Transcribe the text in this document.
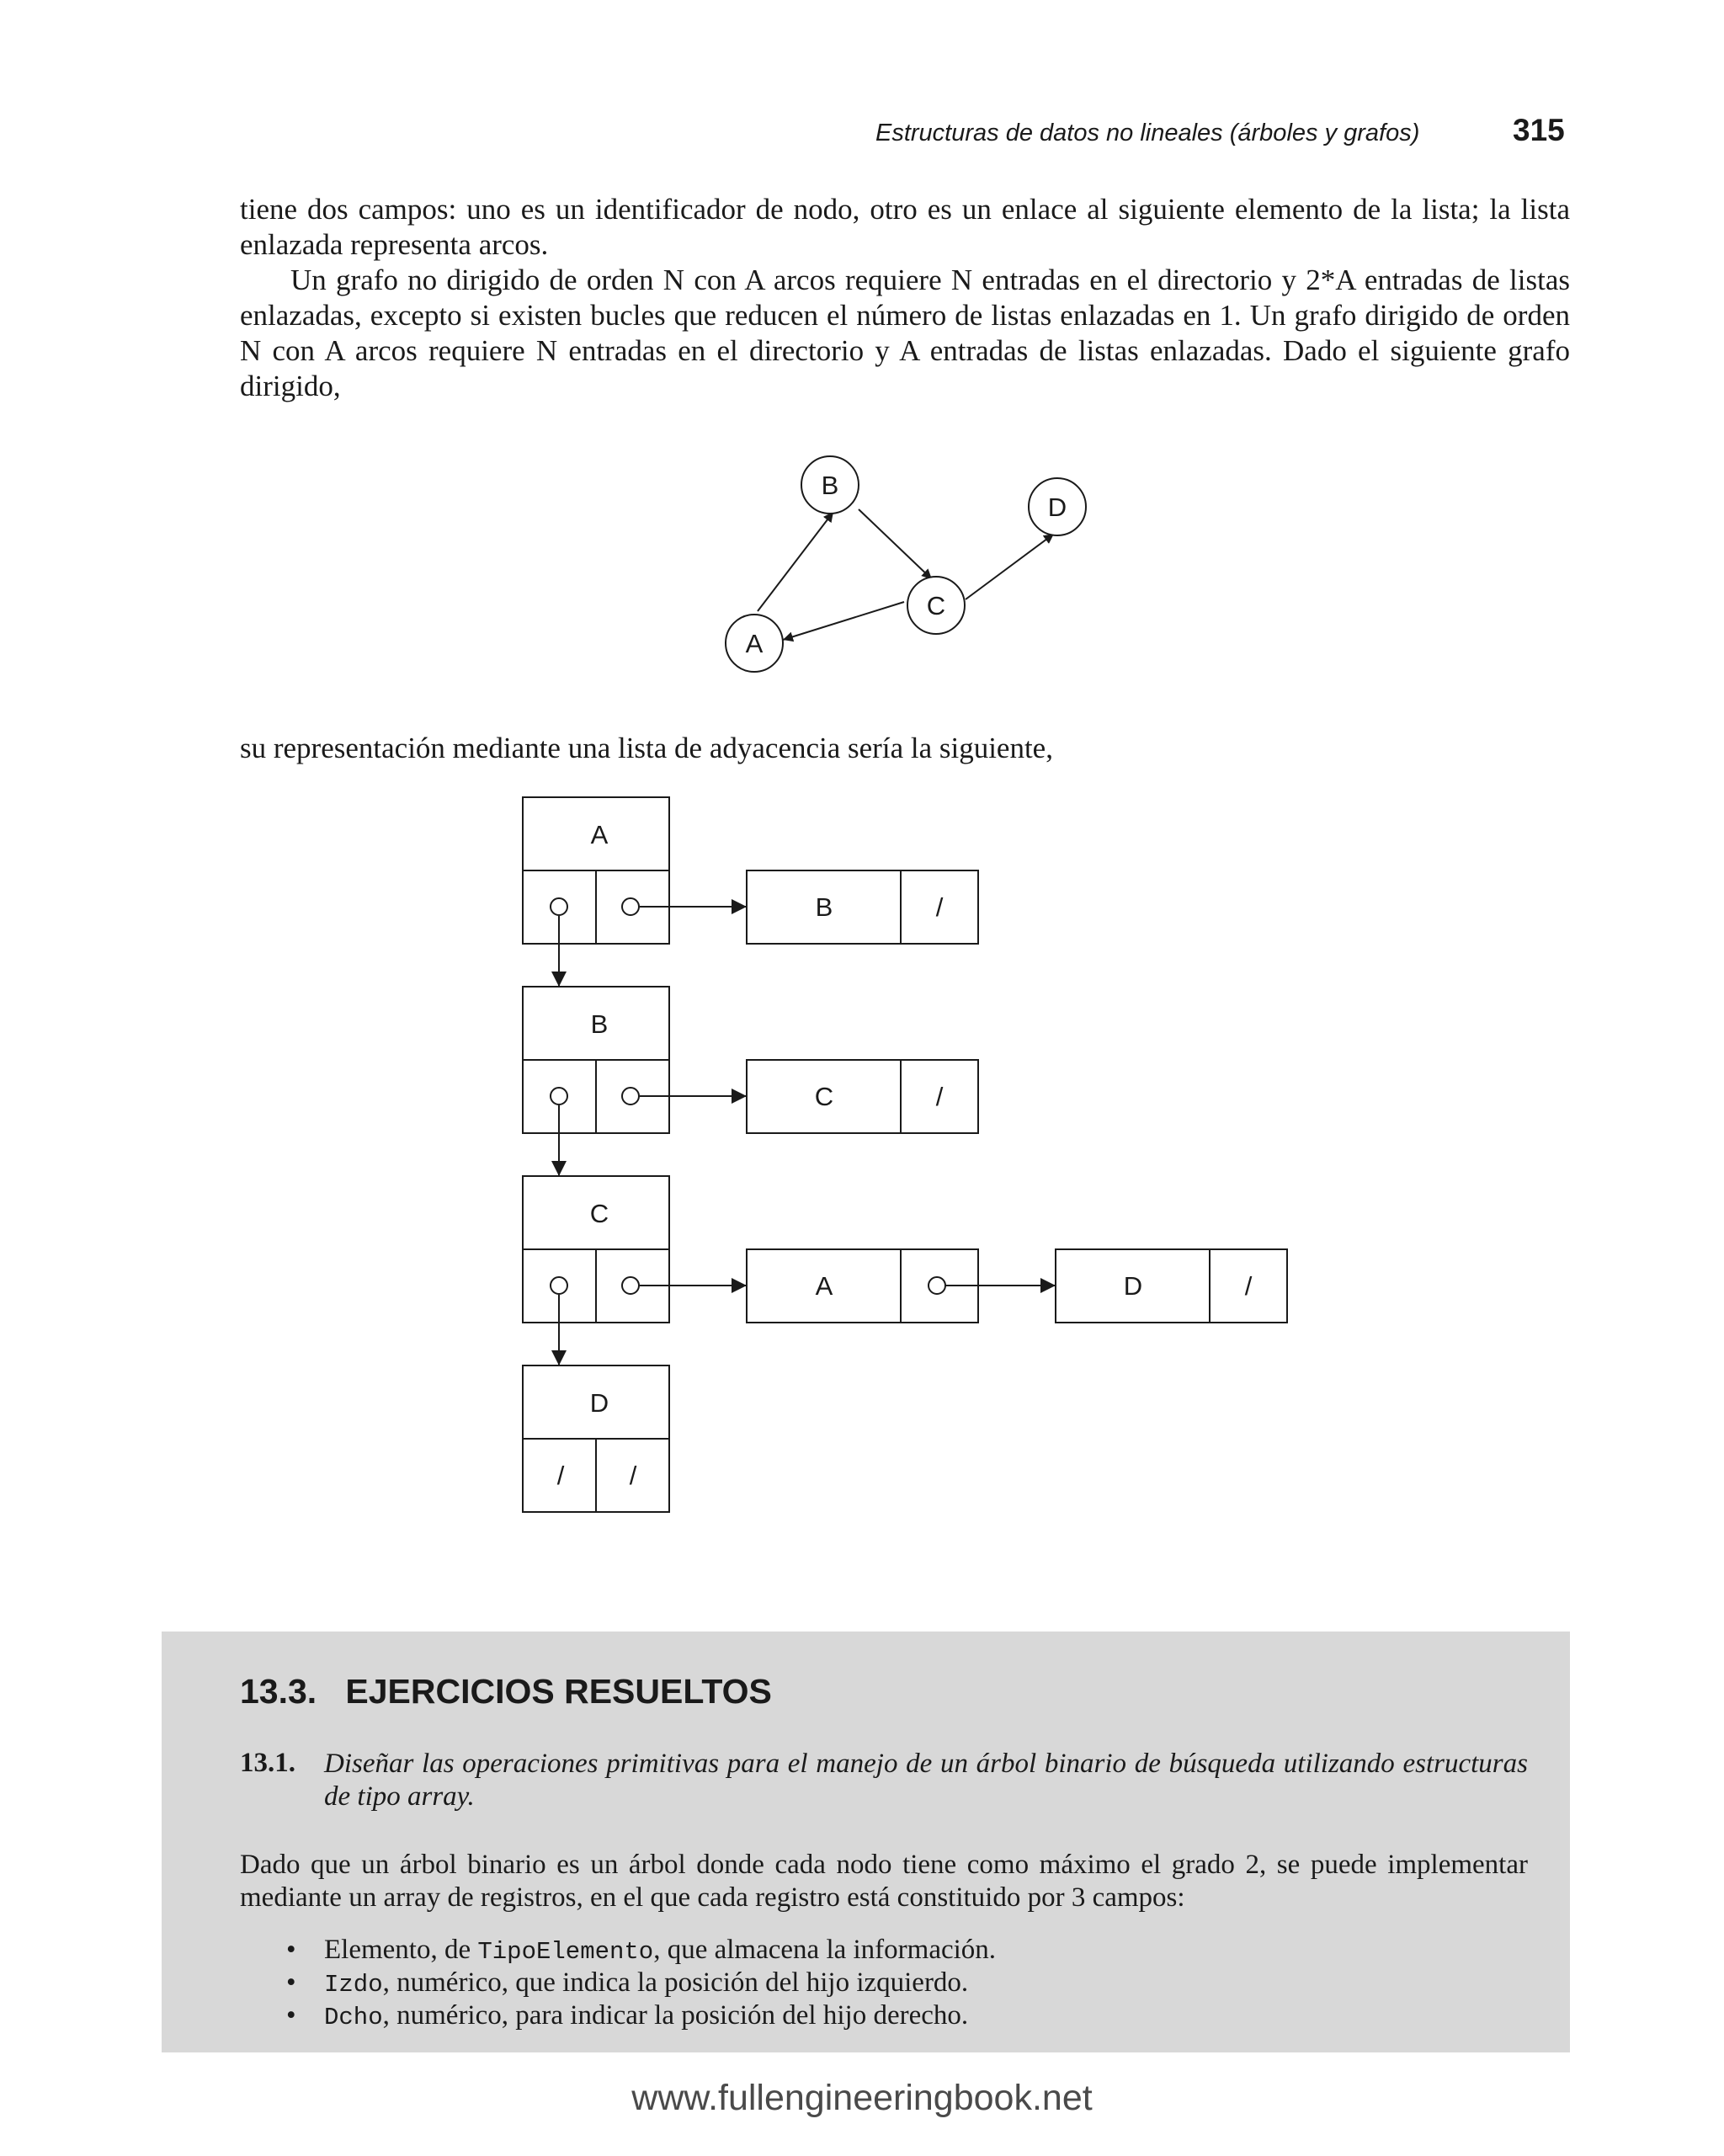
Estructuras de datos no lineales (árboles y grafos)	315

tiene dos campos: uno es un identificador de nodo, otro es un enlace al siguiente elemento de la lista; la lista enlazada representa arcos.

Un grafo no dirigido de orden N con A arcos requiere N entradas en el directorio y 2*A entradas de listas enlazadas, excepto si existen bucles que reducen el número de listas enlazadas en 1. Un grafo dirigido de orden N con A arcos requiere N entradas en el directorio y A entradas de listas enlazadas. Dado el siguiente grafo dirigido,

B
D
C
A
A
B
C
D
B
C
A	D
/
/
/
/ /

su representación mediante una lista de adyacencia sería la siguiente,

13.3.   EJERCICIOS RESUELTOS
13.1. Diseñar las operaciones primitivas para el manejo de un árbol binario de búsqueda utilizando estructuras de tipo array.
Dado que un árbol binario es un árbol donde cada nodo tiene como máximo el grado 2, se puede implementar mediante un array de registros, en el que cada registro está constituido por 3 campos:
• Elemento, de TipoElemento, que almacena la información.
• Izdo, numérico, que indica la posición del hijo izquierdo.
• Dcho, numérico, para indicar la posición del hijo derecho.
www.fullengineeringbook.net
